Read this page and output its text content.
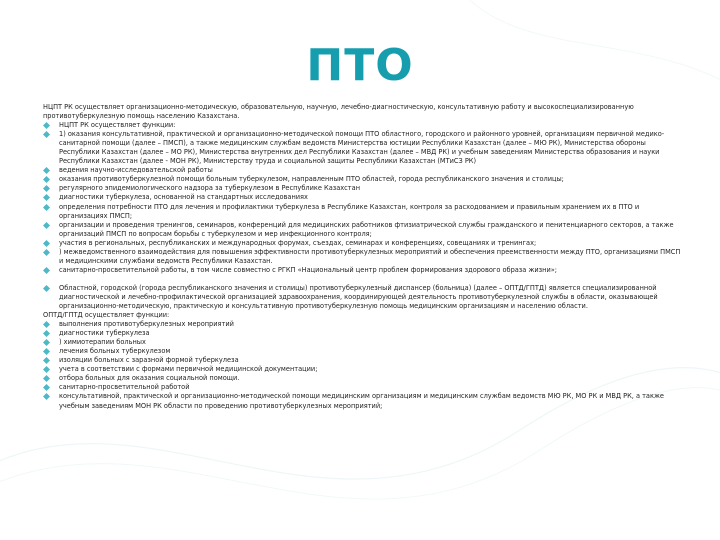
ПТО

НЦПТ РК осуществляет организационно-методическую, образовательную, научную, лечебно-диагностическую, консультативную работу и высокоспециализированную противотуберкулезную помощь населению Казахстана.

НЦПТ РК осуществляет функции:
1) оказания консультативной, практической и организационно-методической помощи ПТО областного, городского и районного уровней, организациям первичной медико-санитарной помощи (далее – ПМСП), а также медицинским службам ведомств Министерства юстиции Республики Казахстан (далее – МЮ РК), Министерства обороны Республики Казахстан (далее – МО РК), Министерства внутренних дел Республики Казахстан (далее – МВД РК) и учебным заведениям Министерства образования и науки Республики Казахстан (далее - МОН РК), Министерству труда и социальной защиты Республики Казахстан (МТиСЗ РК)
ведения научно-исследовательской работы
оказания противотуберкулезной помощи больным туберкулезом, направленным ПТО областей, города республиканского значения и столицы;
регулярного эпидемиологического надзора за туберкулезом в Республике Казахстан
диагностики туберкулеза, основанной на стандартных исследованиях
определения потребности ПТО для лечения и профилактики туберкулеза в Республике Казахстан, контроля за расходованием и правильным хранением их в ПТО и организациях ПМСП;
организации и проведения тренингов, семинаров, конференций для медицинских работников фтизиатрической службы гражданского и пенитенциарного секторов, а также организаций ПМСП по вопросам борьбы с туберкулезом и мер инфекционного контроля;
участия в региональных, республиканских и международных форумах, съездах, семинарах и конференциях, совещаниях и тренингах;
) межведомственного взаимодействия для повышения эффективности противотуберкулезных мероприятий и обеспечения преемственности между ПТО, организациями ПМСП и медицинскими службами ведомств Республики Казахстан.
санитарно-просветительной работы, в том числе совместно с РГКП «Национальный центр проблем формирования здорового образа жизни»;
Областной, городской (города республиканского значения и столицы) противотуберкулезный диспансер (больница) (далее – ОПТД/ГПТД) является специализированной диагностической и лечебно-профилактической организацией здравоохранения, координирующей деятельность противотуберкулезной службы в области, оказывающей организационно-методическую, практическую и консультативную противотуберкулезную помощь медицинским организациям и населению области.

ОПТД/ГПТД осуществляет функции:

выполнения противотуберкулезных мероприятий
диагностики туберкулеза
) химиотерапии больных
лечения больных туберкулезом
изоляции больных с заразной формой туберкулеза
учета в соответствии с формами первичной медицинской документации;
отбора больных для оказания социальной помощи.
санитарно-просветительной работой
консультативной, практической и организационно-методической помощи медицинским организациям и медицинским службам ведомств МЮ РК, МО РК и МВД РК, а также учебным заведениям МОН РК области по проведению противотуберкулезных мероприятий;
